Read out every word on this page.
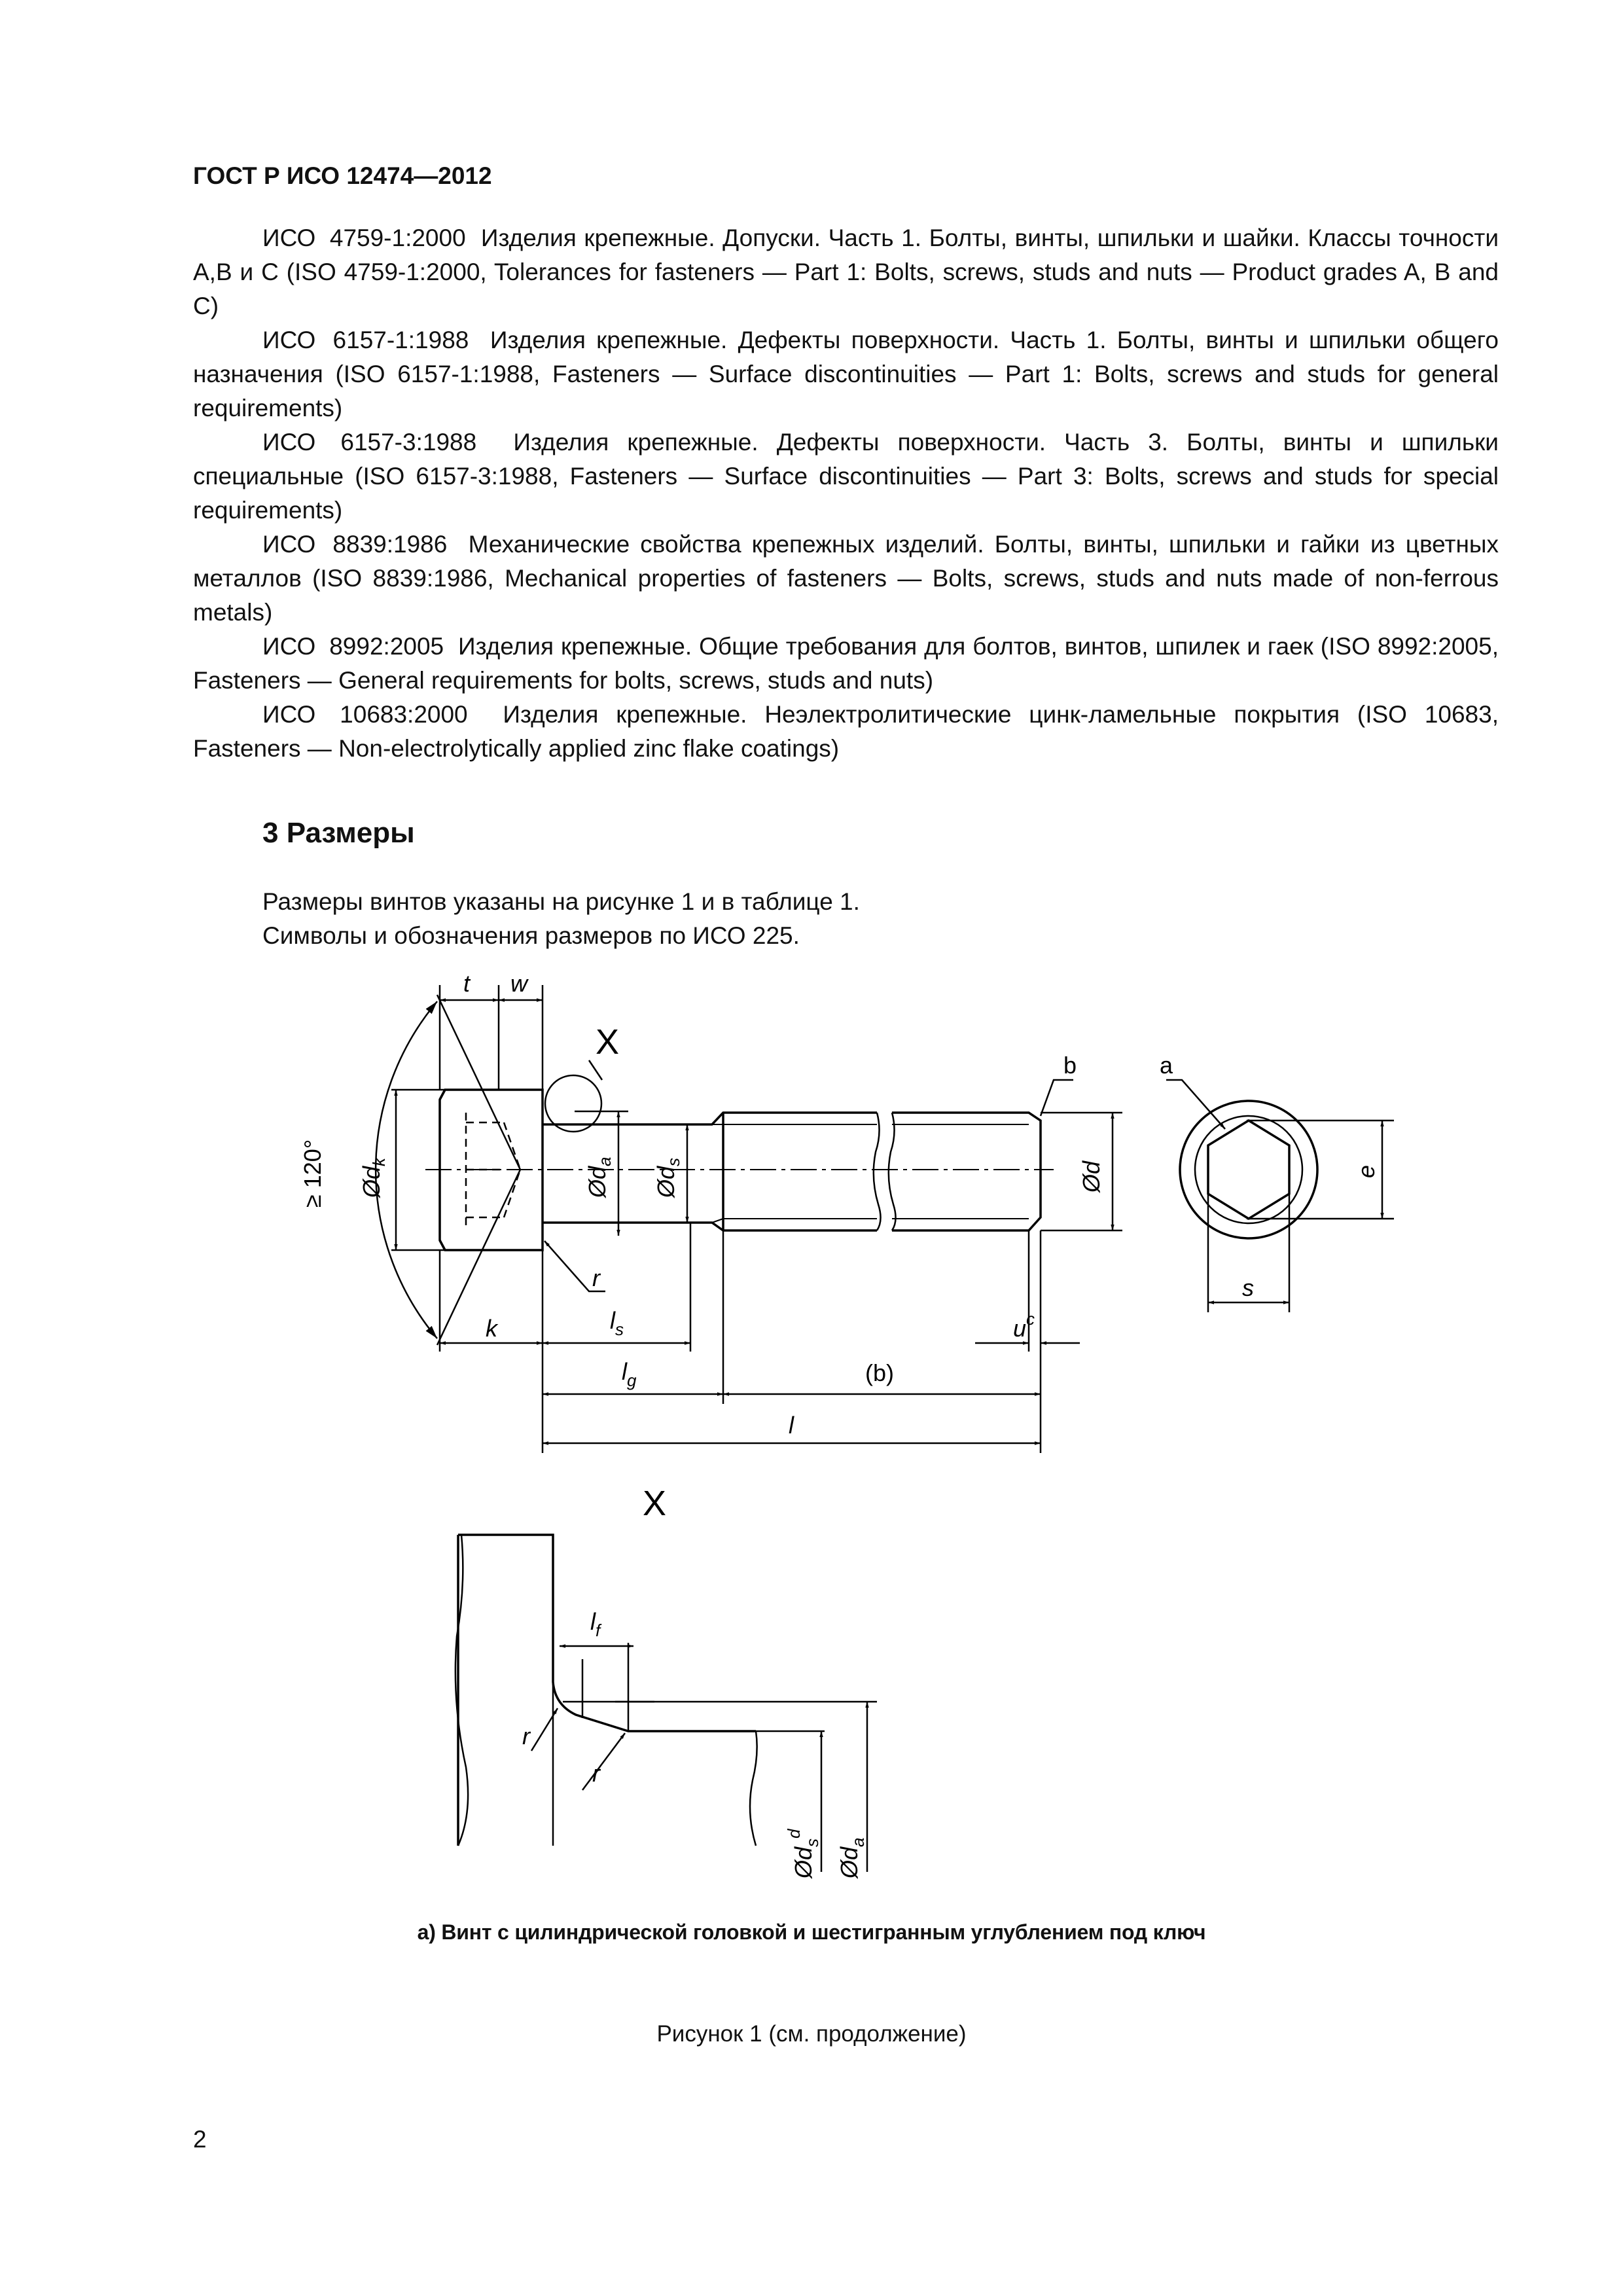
ГОСТ Р ИСО 12474—2012

ИСО 4759-1:2000 Изделия крепежные. Допуски. Часть 1. Болты, винты, шпильки и шайки. Классы точности A,B и C (ISO 4759-1:2000, Tolerances for fasteners — Part 1: Bolts, screws, studs and nuts — Product grades A, B and C)

ИСО 6157-1:1988 Изделия крепежные. Дефекты поверхности. Часть 1. Болты, винты и шпильки общего назначения (ISO 6157-1:1988, Fasteners — Surface discontinuities — Part 1: Bolts, screws and studs for general requirements)

ИСО 6157-3:1988 Изделия крепежные. Дефекты поверхности. Часть 3. Болты, винты и шпильки специальные (ISO 6157-3:1988, Fasteners — Surface discontinuities — Part 3: Bolts, screws and studs for special requirements)

ИСО 8839:1986 Механические свойства крепежных изделий. Болты, винты, шпильки и гайки из цветных металлов (ISO 8839:1986, Mechanical properties of fasteners — Bolts, screws, studs and nuts made of non-ferrous metals)

ИСО 8992:2005 Изделия крепежные. Общие требования для болтов, винтов, шпилек и гаек (ISO 8992:2005, Fasteners — General requirements for bolts, screws, studs and nuts)

ИСО 10683:2000 Изделия крепежные. Неэлектролитические цинк-ламельные покрытия (ISO 10683, Fasteners — Non-electrolytically applied zinc flake coatings)

3 Размеры

Размеры винтов указаны на рисунке 1 и в таблице 1.

Символы и обозначения размеров по ИСО 225.

t w
X
b	a
≥ 120° $Ød_k$
$Ød_a$
$Ød_s$	Ød	e
s
r
k	$l_s$	$u^c$
$l_g$	(b)
l
X
$l_f$
r
r
$Ød_s^d$
$Ød_a$
а) Винт с цилиндрической головкой и шестигранным углублением под ключ
Рисунок 1 (см. продолжение)
2
